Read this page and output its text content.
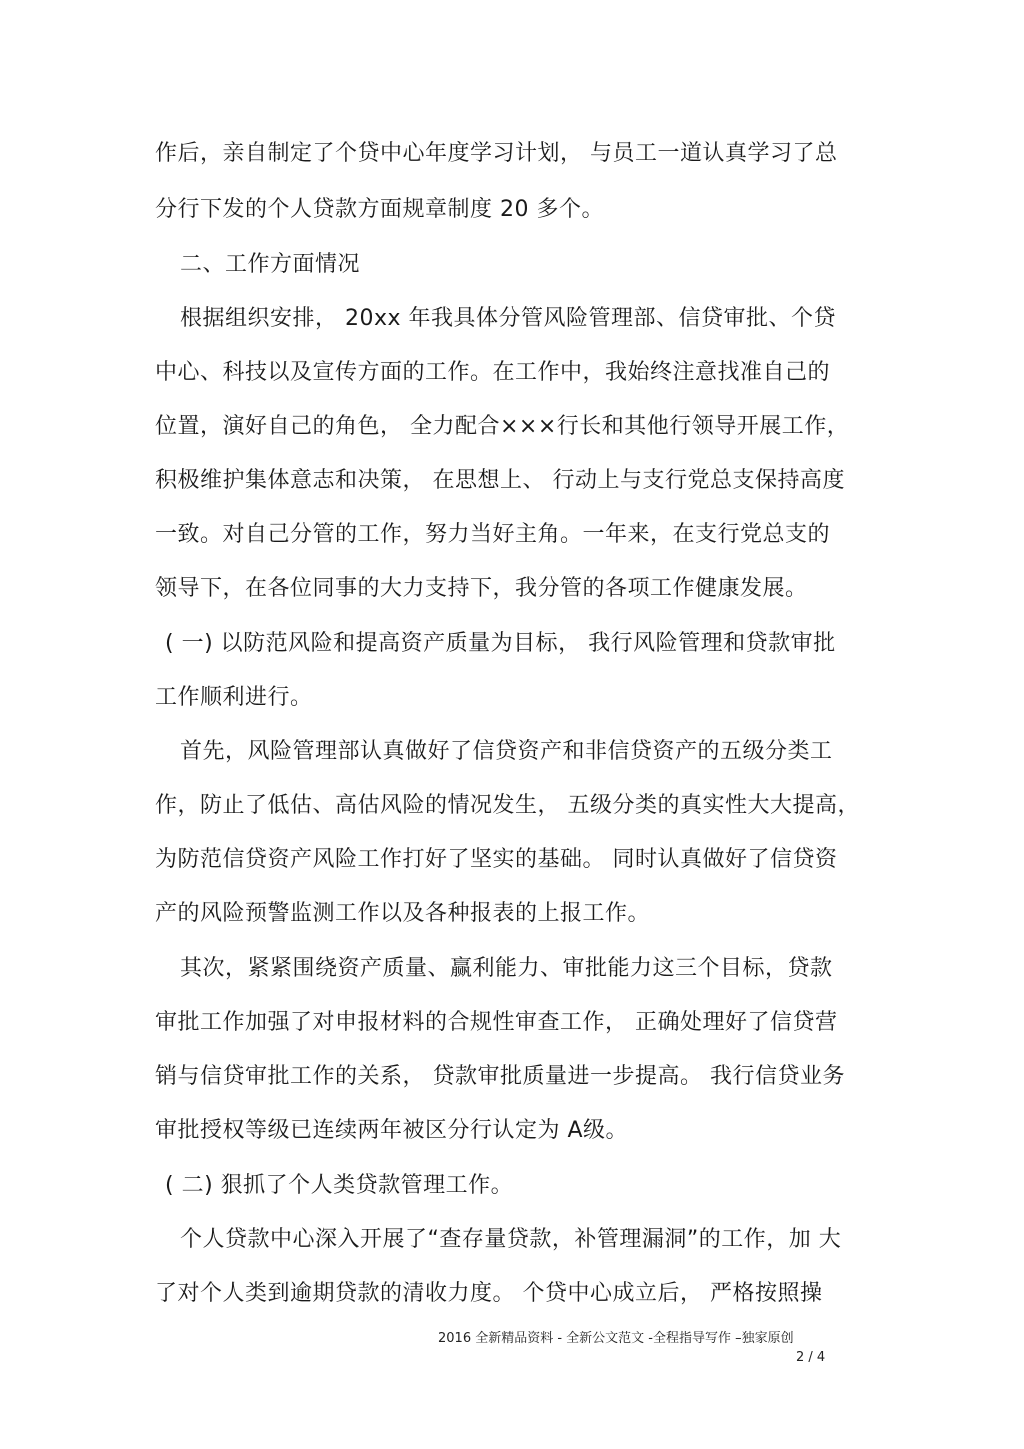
作后，亲自制定了个贷中心年度学习计划， 与员工一道认真学习了总
分行下发的个人贷款方面规章制度 20 多个。
二、工作方面情况
根据组织安排， 20xx 年我具体分管风险管理部、信贷审批、个贷
中心、科技以及宣传方面的工作。在工作中，我始终注意找准自己的
位置，演好自己的角色， 全力配合×××行长和其他行领导开展工作，
积极维护集体意志和决策， 在思想上、 行动上与支行党总支保持高度
一致。对自己分管的工作，努力当好主角。一年来，在支行党总支的
领导下，在各位同事的大力支持下，我分管的各项工作健康发展。
( 一) 以防范风险和提高资产质量为目标， 我行风险管理和贷款审批
工作顺利进行。
首先，风险管理部认真做好了信贷资产和非信贷资产的五级分类工
作，防止了低估、高估风险的情况发生， 五级分类的真实性大大提高，
为防范信贷资产风险工作打好了坚实的基础。 同时认真做好了信贷资
产的风险预警监测工作以及各种报表的上报工作。
其次，紧紧围绕资产质量、赢利能力、审批能力这三个目标，贷款
审批工作加强了对申报材料的合规性审查工作， 正确处理好了信贷营
销与信贷审批工作的关系， 贷款审批质量进一步提高。 我行信贷业务
审批授权等级已连续两年被区分行认定为 A级。
( 二) 狠抓了个人类贷款管理工作。
个人贷款中心深入开展了“查存量贷款，补管理漏洞”的工作，加 大
了对个人类到逾期贷款的清收力度。 个贷中心成立后， 严格按照操
2016 全新精品资料 - 全新公文范文 -全程指导写作 –独家原创
2 / 4
